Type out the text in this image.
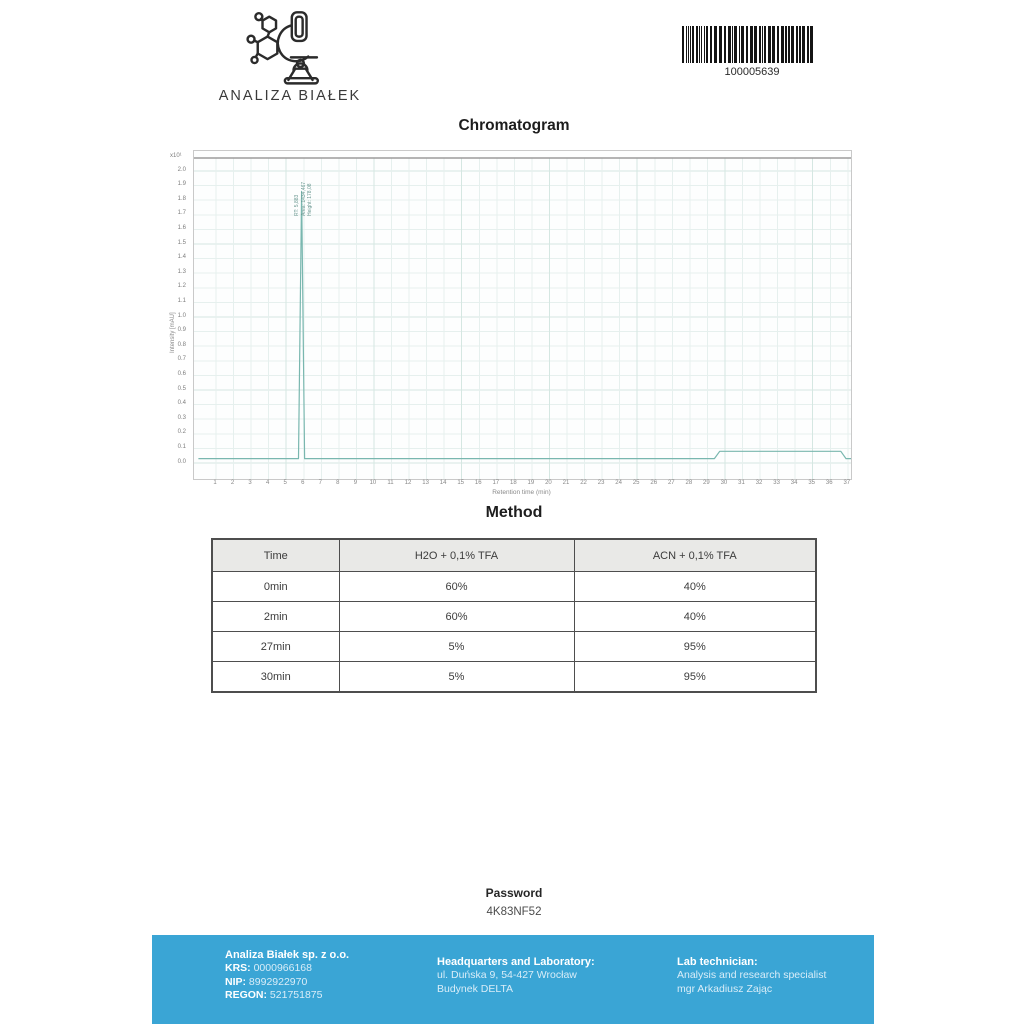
ANALIZA BIAŁEK
100005639
Chromatogram
2.0
1.9
1.8
1.7
1.6
1.5
1.4
1.3
1.2
1.1
1.0
0.9
0.8
0.7
0.6
0.5
0.4
0.3
0.2
0.1
0.0
x10¹
Intensity [mAU]
RT: 5,883 Area: 1434,467 Height: 178,08
1	2	3	4	5	6	7	8	9	10	11	12	13	14	15	16	17	18	19	20	21	22	23	24	25	26	27	28	29	30	31	32	33	34	35	36	37
Retention time (min)
Method
Time	H2O + 0,1% TFA	ACN + 0,1% TFA
0min	60%	40%
2min	60%	40%
27min	5%	95%
30min	5%	95%
Password
4K83NF52
Analiza Białek sp. z o.o.
KRS: 0000966168
NIP: 8992922970
REGON: 521751875
Headquarters and Laboratory:
ul. Duńska 9, 54-427 Wrocław
Budynek DELTA
Lab technician:
Analysis and research specialist
mgr Arkadiusz Zając
